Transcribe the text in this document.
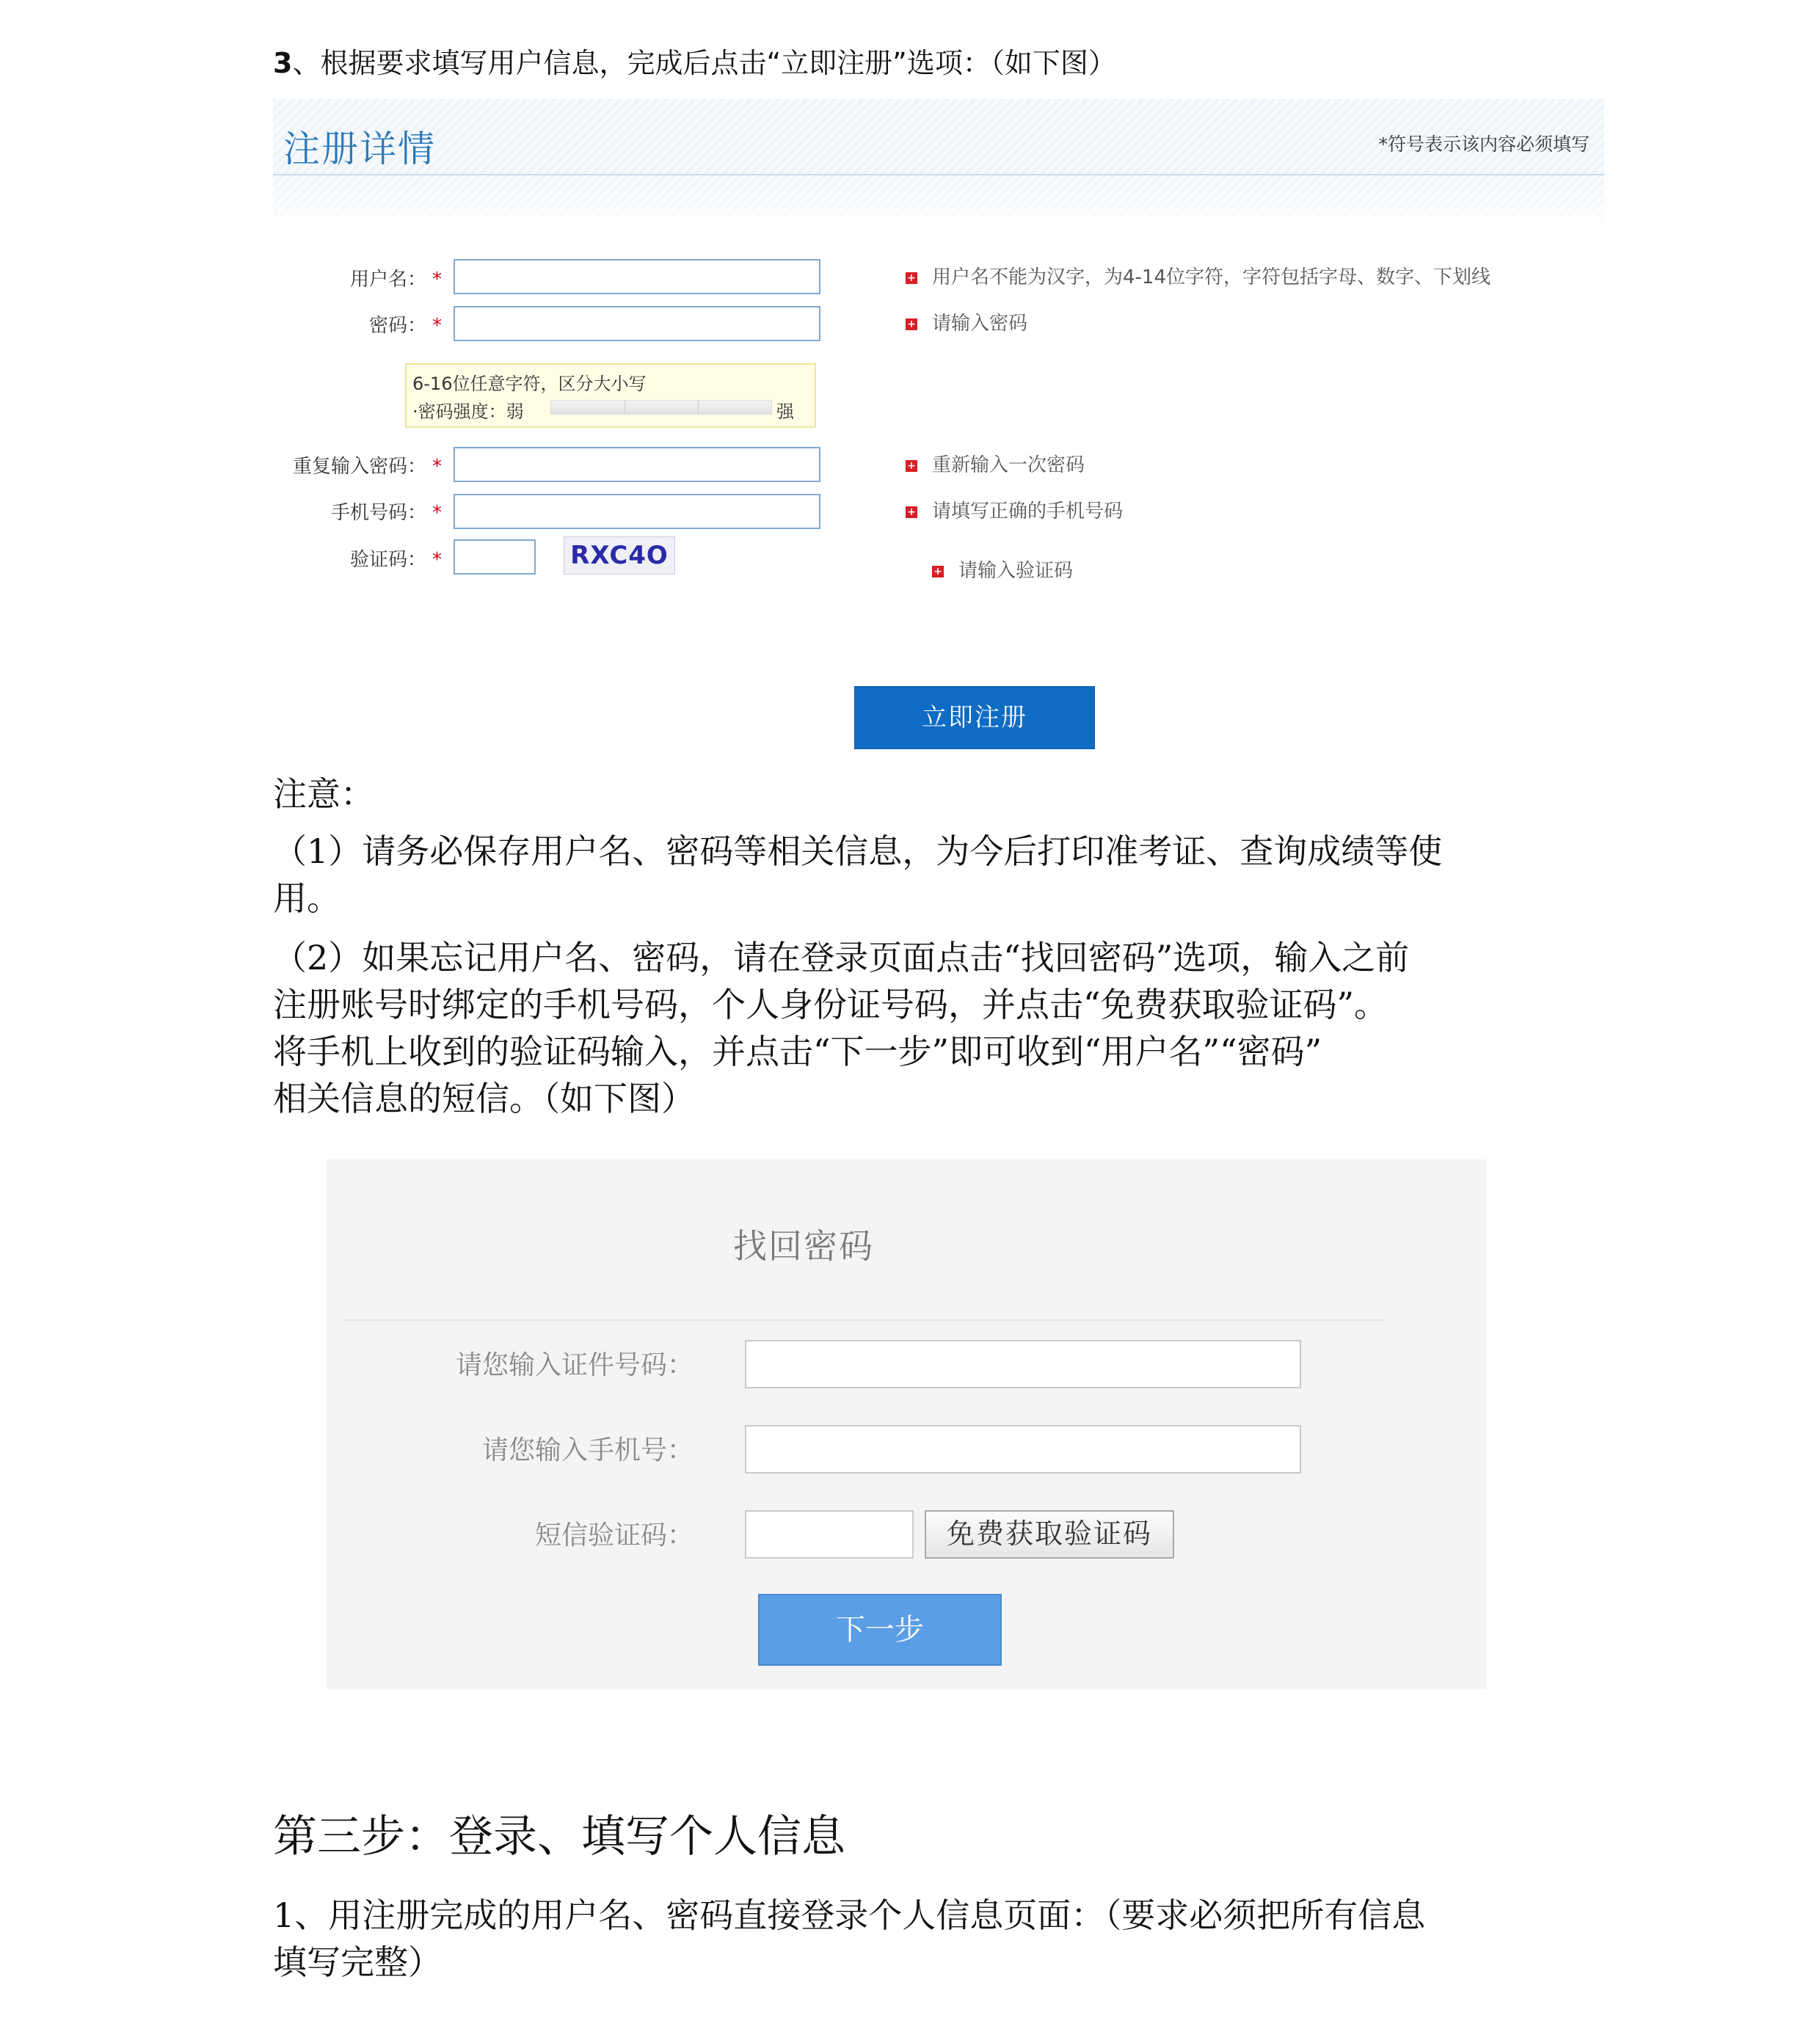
3、根据要求填写用户信息，完成后点击“立即注册”选项：（如下图）
注册详情	*符号表示该内容必须填写
用户名： *	+ 用户名不能为汉字，为4-14位字符，字符包括字母、数字、下划线
密码： *	+ 请输入密码
6-16位任意字符，区分大小写
·密码强度：弱	强
重复输入密码： *	+ 重新输入一次密码
手机号码： *	+ 请填写正确的手机号码
验证码： *	RXC4O
+ 请输入验证码
立即注册
注意：
（1）请务必保存用户名、密码等相关信息，为今后打印准考证、查询成绩等使
用。
（2）如果忘记用户名、密码，请在登录页面点击“找回密码”选项，输入之前
注册账号时绑定的手机号码，个人身份证号码，并点击“免费获取验证码”。
将手机上收到的验证码输入，并点击“下一步”即可收到“用户名”“密码”
相关信息的短信。（如下图）
找回密码
请您输入证件号码：
请您输入手机号：
短信验证码：	免费获取验证码
下一步
第三步：登录、填写个人信息
1、用注册完成的用户名、密码直接登录个人信息页面：（要求必须把所有信息
填写完整）
